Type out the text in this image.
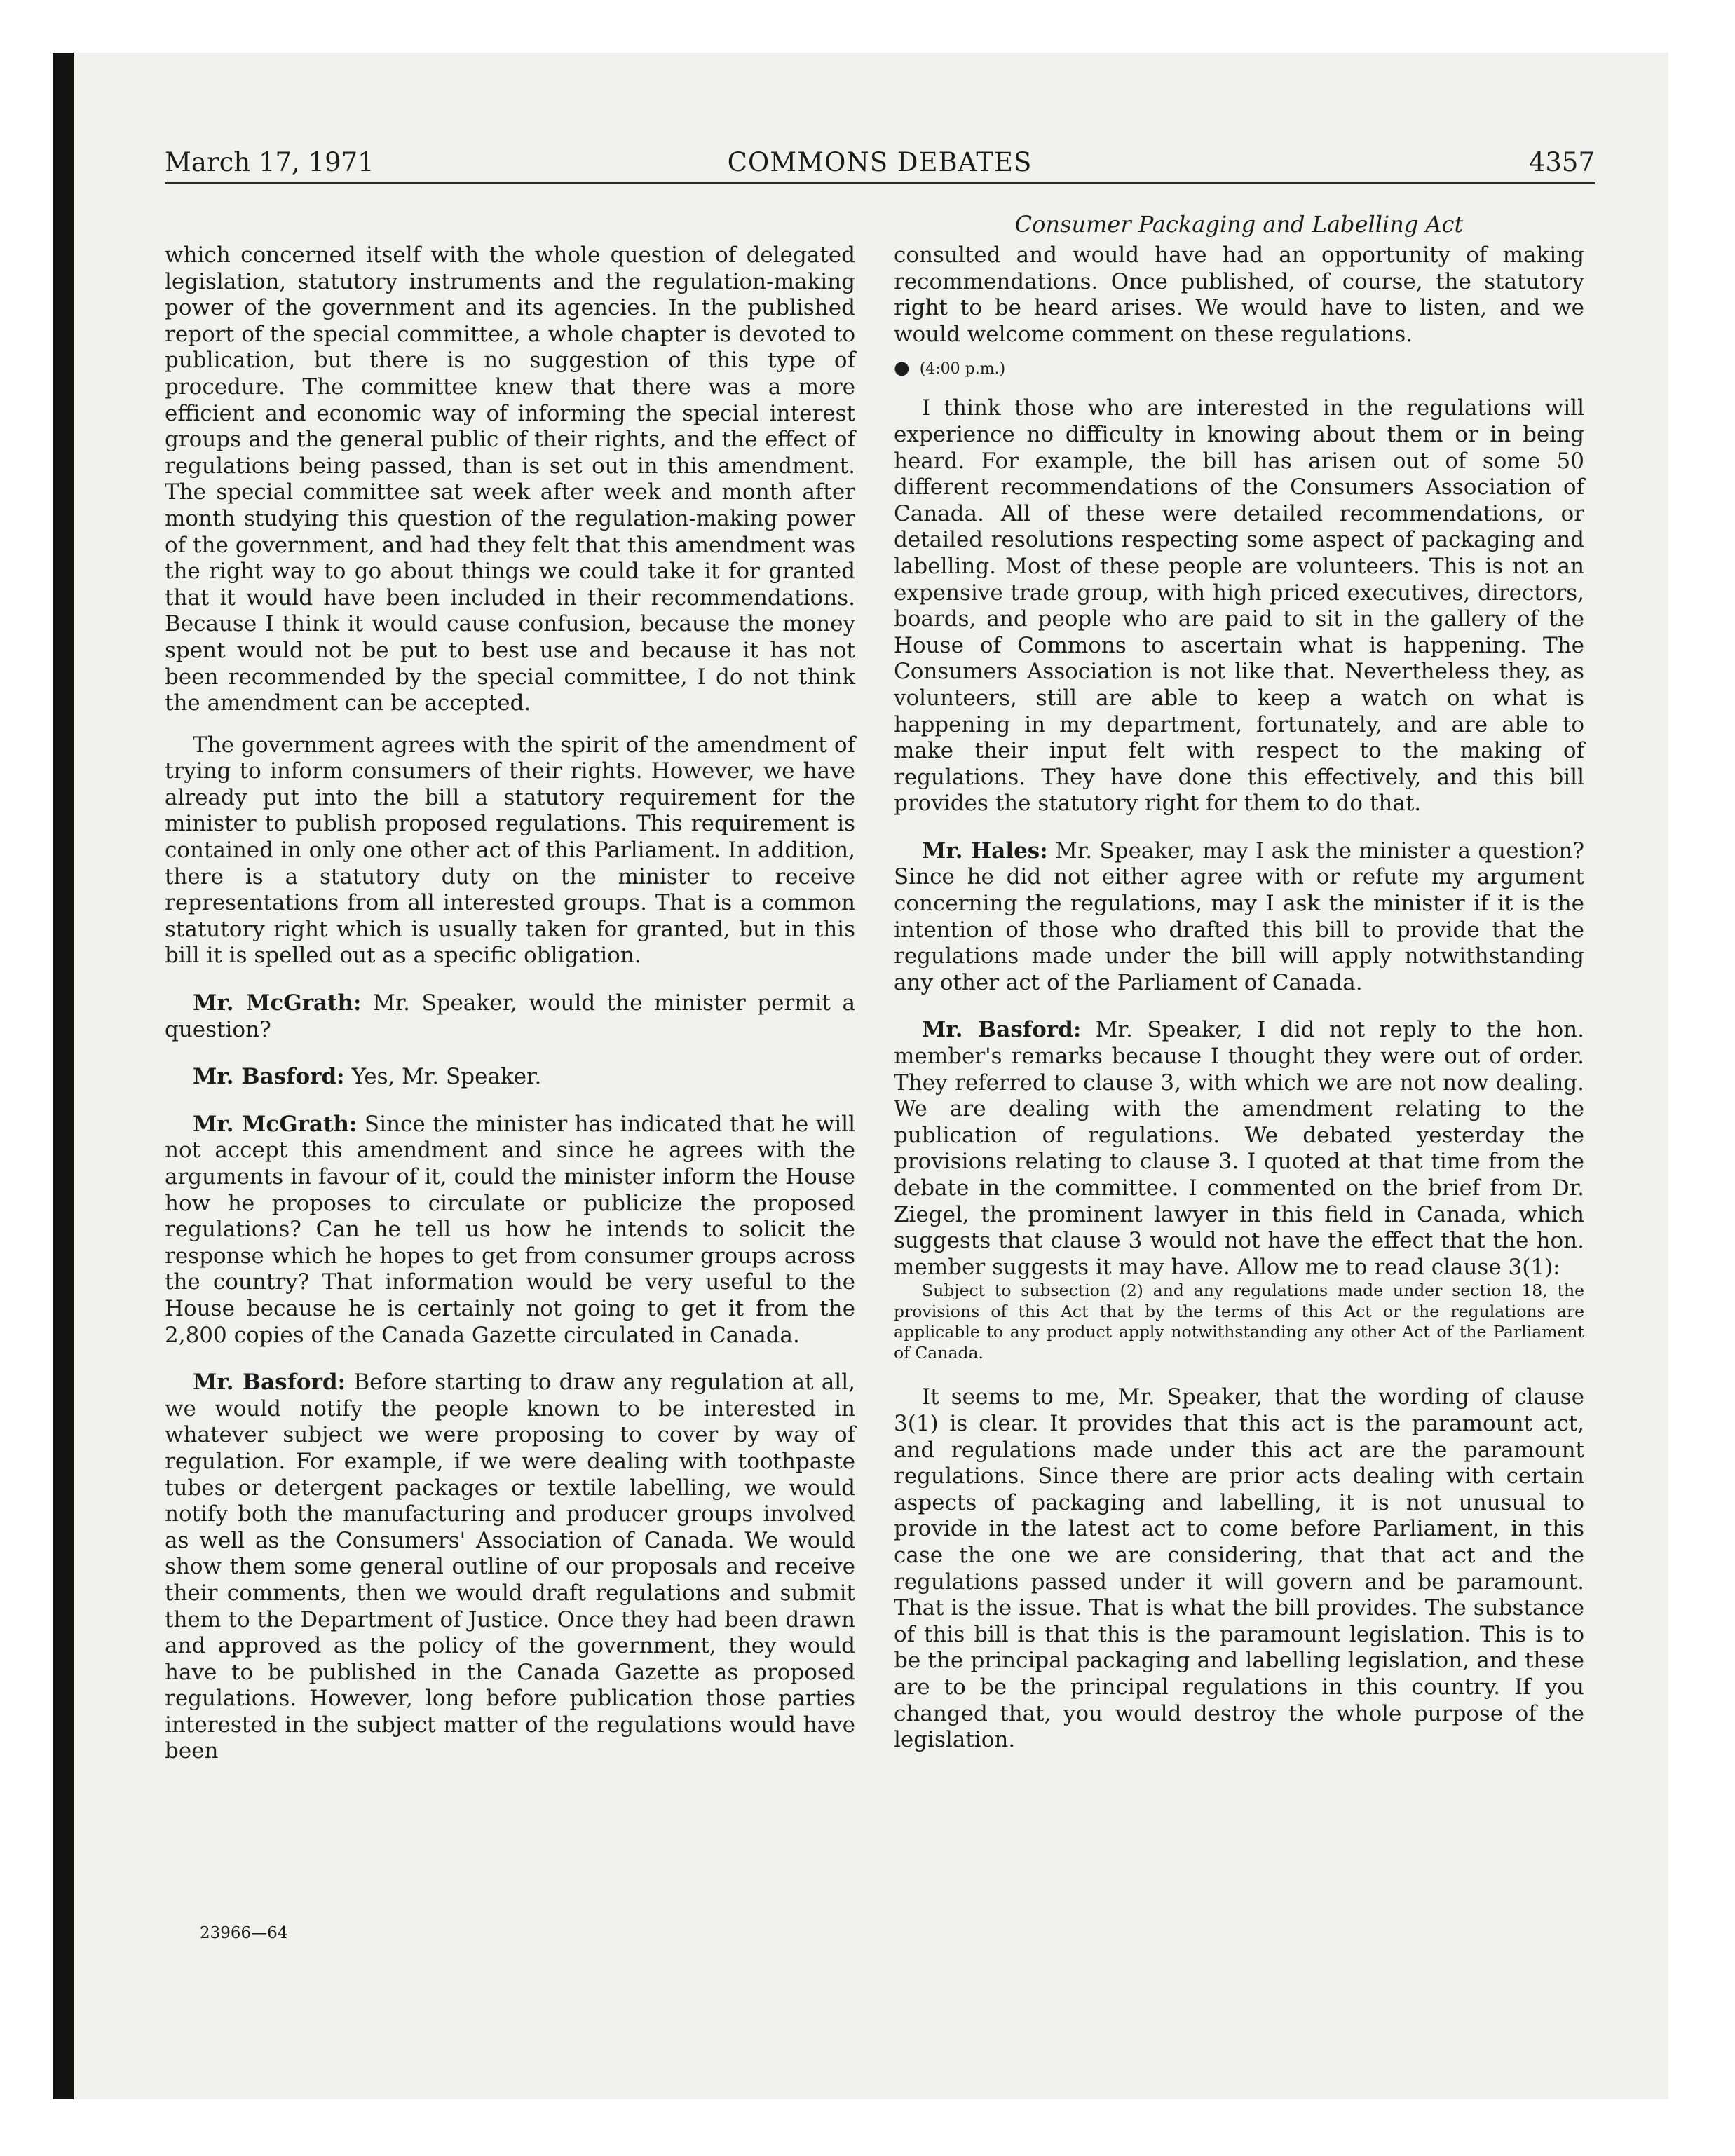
March 17, 1971	COMMONS DEBATES	4357
Consumer Packaging and Labelling Act

which concerned itself with the whole question of delegated legislation, statutory instruments and the regulation-making power of the government and its agencies. In the published report of the special committee, a whole chapter is devoted to publication, but there is no suggestion of this type of procedure. The committee knew that there was a more efficient and economic way of informing the special interest groups and the general public of their rights, and the effect of regulations being passed, than is set out in this amendment. The special committee sat week after week and month after month studying this question of the regulation-making power of the government, and had they felt that this amendment was the right way to go about things we could take it for granted that it would have been included in their recommendations. Because I think it would cause confusion, because the money spent would not be put to best use and because it has not been recommended by the special committee, I do not think the amendment can be accepted.

The government agrees with the spirit of the amendment of trying to inform consumers of their rights. However, we have already put into the bill a statutory requirement for the minister to publish proposed regulations. This requirement is contained in only one other act of this Parliament. In addition, there is a statutory duty on the minister to receive representations from all interested groups. That is a common statutory right which is usually taken for granted, but in this bill it is spelled out as a specific obligation.

Mr. McGrath: Mr. Speaker, would the minister permit a question?

Mr. Basford: Yes, Mr. Speaker.

Mr. McGrath: Since the minister has indicated that he will not accept this amendment and since he agrees with the arguments in favour of it, could the minister inform the House how he proposes to circulate or publicize the proposed regulations? Can he tell us how he intends to solicit the response which he hopes to get from consumer groups across the country? That information would be very useful to the House because he is certainly not going to get it from the 2,800 copies of the Canada Gazette circulated in Canada.

Mr. Basford: Before starting to draw any regulation at all, we would notify the people known to be interested in whatever subject we were proposing to cover by way of regulation. For example, if we were dealing with toothpaste tubes or detergent packages or textile labelling, we would notify both the manufacturing and producer groups involved as well as the Consumers' Association of Canada. We would show them some general outline of our proposals and receive their comments, then we would draft regulations and submit them to the Department of Justice. Once they had been drawn and approved as the policy of the government, they would have to be published in the Canada Gazette as proposed regulations. However, long before publication those parties interested in the subject matter of the regulations would have been

consulted and would have had an opportunity of making recommendations. Once published, of course, the statutory right to be heard arises. We would have to listen, and we would welcome comment on these regulations.

● (4:00 p.m.)

I think those who are interested in the regulations will experience no difficulty in knowing about them or in being heard. For example, the bill has arisen out of some 50 different recommendations of the Consumers Association of Canada. All of these were detailed recommendations, or detailed resolutions respecting some aspect of packaging and labelling. Most of these people are volunteers. This is not an expensive trade group, with high priced executives, directors, boards, and people who are paid to sit in the gallery of the House of Commons to ascertain what is happening. The Consumers Association is not like that. Nevertheless they, as volunteers, still are able to keep a watch on what is happening in my department, fortunately, and are able to make their input felt with respect to the making of regulations. They have done this effectively, and this bill provides the statutory right for them to do that.

Mr. Hales: Mr. Speaker, may I ask the minister a question? Since he did not either agree with or refute my argument concerning the regulations, may I ask the minister if it is the intention of those who drafted this bill to provide that the regulations made under the bill will apply notwithstanding any other act of the Parliament of Canada.

Mr. Basford: Mr. Speaker, I did not reply to the hon. member's remarks because I thought they were out of order. They referred to clause 3, with which we are not now dealing. We are dealing with the amendment relating to the publication of regulations. We debated yesterday the provisions relating to clause 3. I quoted at that time from the debate in the committee. I commented on the brief from Dr. Ziegel, the prominent lawyer in this field in Canada, which suggests that clause 3 would not have the effect that the hon. member suggests it may have. Allow me to read clause 3(1):

Subject to subsection (2) and any regulations made under section 18, the provisions of this Act that by the terms of this Act or the regulations are applicable to any product apply notwithstanding any other Act of the Parliament of Canada.

It seems to me, Mr. Speaker, that the wording of clause 3(1) is clear. It provides that this act is the paramount act, and regulations made under this act are the paramount regulations. Since there are prior acts dealing with certain aspects of packaging and labelling, it is not unusual to provide in the latest act to come before Parliament, in this case the one we are considering, that that act and the regulations passed under it will govern and be paramount. That is the issue. That is what the bill provides. The substance of this bill is that this is the paramount legislation. This is to be the principal packaging and labelling legislation, and these are to be the principal regulations in this country. If you changed that, you would destroy the whole purpose of the legislation.

23966—64
